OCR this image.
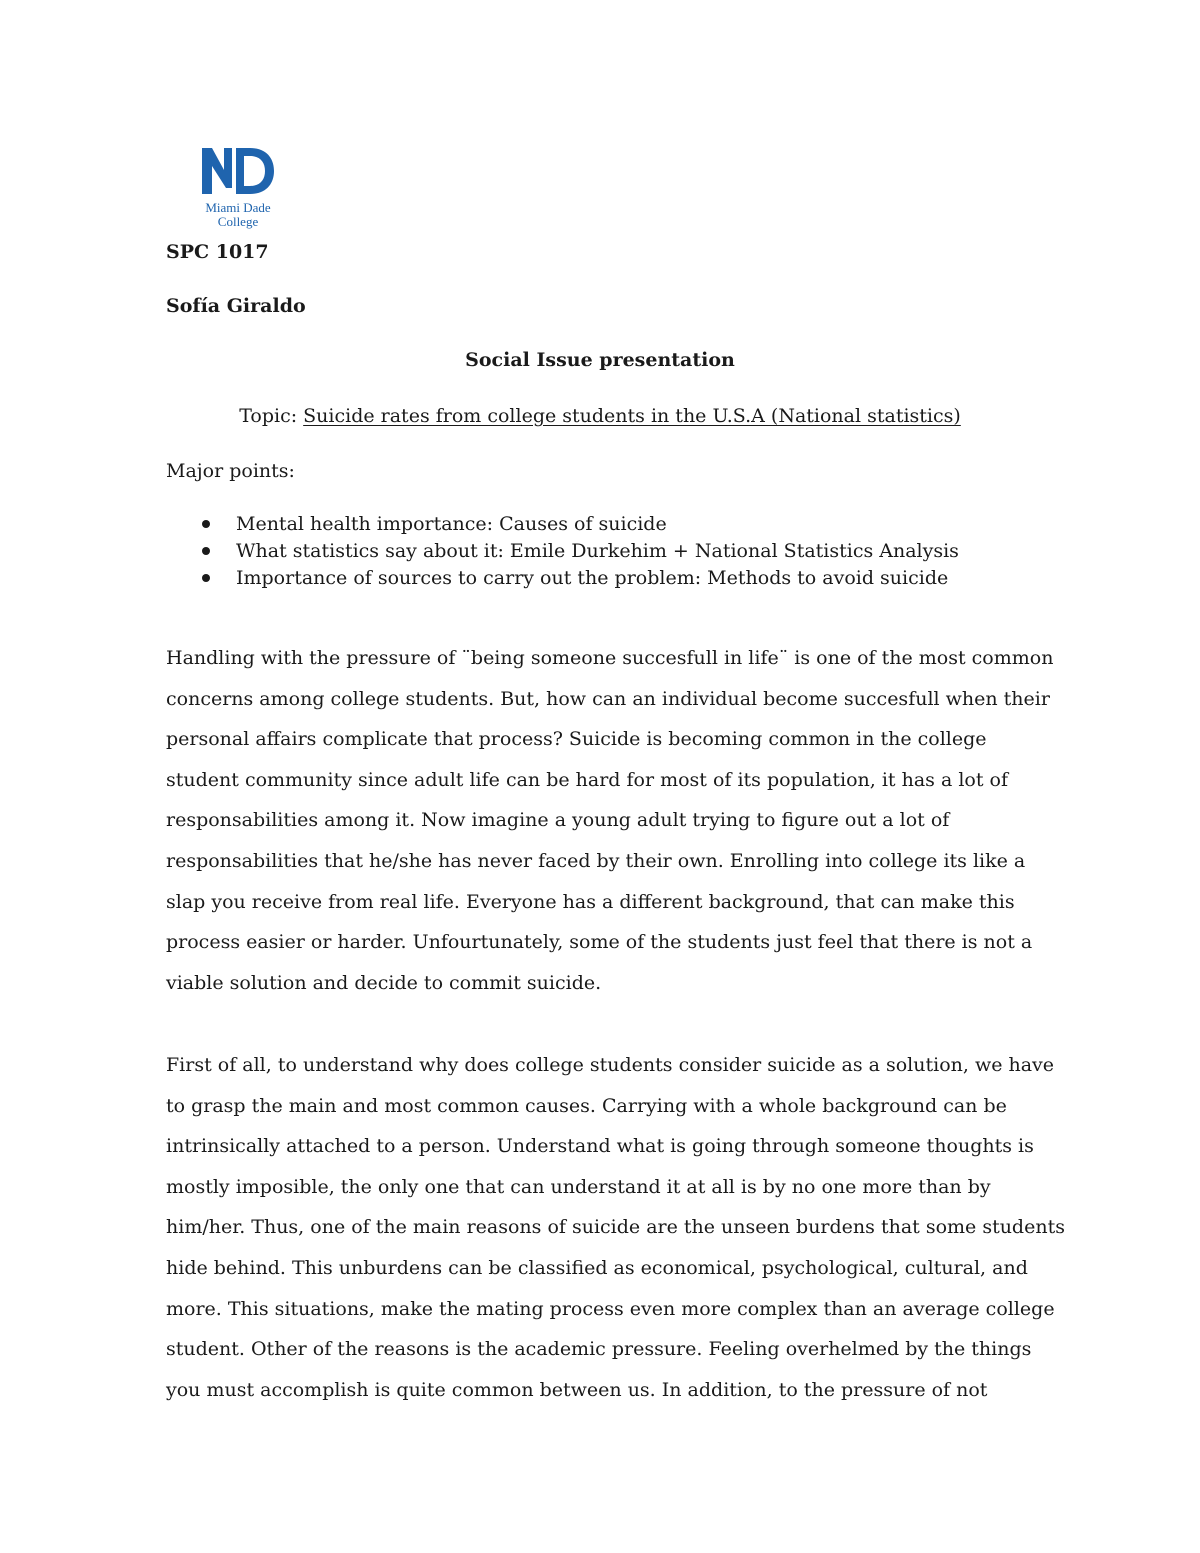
Miami Dade
College
SPC 1017
Sofía Giraldo
Social Issue presentation
Topic: Suicide rates from college students in the U.S.A (National statistics)
Major points:
Mental health importance: Causes of suicide
What statistics say about it: Emile Durkehim + National Statistics Analysis
Importance of sources to carry out the problem: Methods to avoid suicide
Handling with the pressure of ¨being someone succesfull in life¨ is one of the most common
concerns among college students. But, how can an individual become succesfull when their
personal affairs complicate that process? Suicide is becoming common in the college
student community since adult life can be hard for most of its population, it has a lot of
responsabilities among it. Now imagine a young adult trying to figure out a lot of
responsabilities that he/she has never faced by their own. Enrolling into college its like a
slap you receive from real life. Everyone has a different background, that can make this
process easier or harder. Unfourtunately, some of the students just feel that there is not a
viable solution and decide to commit suicide.
First of all, to understand why does college students consider suicide as a solution, we have
to grasp the main and most common causes. Carrying with a whole background can be
intrinsically attached to a person. Understand what is going through someone thoughts is
mostly imposible, the only one that can understand it at all is by no one more than by
him/her. Thus, one of the main reasons of suicide are the unseen burdens that some students
hide behind. This unburdens can be classified as economical, psychological, cultural, and
more. This situations, make the mating process even more complex than an average college
student. Other of the reasons is the academic pressure. Feeling overhelmed by the things
you must accomplish is quite common between us. In addition, to the pressure of not
